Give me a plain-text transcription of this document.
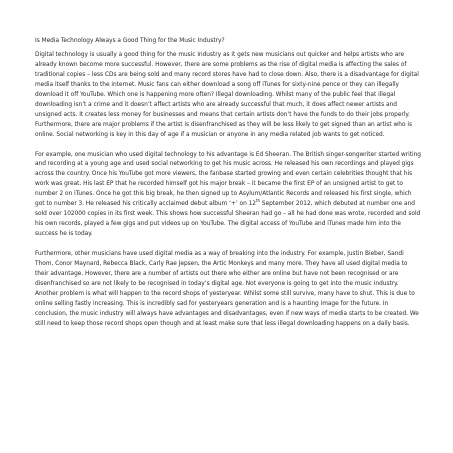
Is Media Technology Always a Good Thing for the Music Industry?

Digital technology is usually a good thing for the music industry as it gets new musicians out quicker and helps artists who are already known become more successful. However, there are some problems as the rise of digital media is affecting the sales of traditional copies – less CDs are being sold and many record stores have had to close down. Also, there is a disadvantage for digital media itself thanks to the internet. Music fans can either download a song off iTunes for sixty-nine pence or they can illegally download it off YouTube. Which one is happening more often? Illegal downloading. Whilst many of the public feel that illegal downloading isn’t a crime and it doesn’t affect artists who are already successful that much, it does affect newer artists and unsigned acts. It creates less money for businesses and means that certain artists don’t have the funds to do their jobs properly. Furthermore, there are major problems if the artist is disenfranchised as they will be less likely to get signed than an artist who is online. Social networking is key in this day of age if a musician or anyone in any media related job wants to get noticed.

For example, one musician who used digital technology to his advantage is Ed Sheeran. The British singer-songwriter started writing and recording at a young age and used social networking to get his music across. He released his own recordings and played gigs across the country. Once his YouTube got more viewers, the fanbase started growing and even certain celebrities thought that his work was great. His last EP that he recorded himself got his major break – it became the first EP of an unsigned artist to get to number 2 on iTunes. Once he got this big break, he then signed up to Asylum/Atlantic Records and released his first single, which got to number 3. He released his critically acclaimed debut album ‘+’ on 12th September 2012, which debuted at number one and sold over 102000 copies in its first week. This shows how successful Sheeran had go – all he had done was wrote, recorded and sold his own records, played a few gigs and put videos up on YouTube. The digital access of YouTube and iTunes made him into the success he is today.

Furthermore, other musicians have used digital media as a way of breaking into the industry. For example, Justin Bieber, Sandi Thom, Conor Maynard, Rebecca Black, Carly Rae Jepsen, the Artic Monkeys and many more. They have all used digital media to their advantage. However, there are a number of artists out there who either are online but have not been recognised or are disenfranchised so are not likely to be recognised in today’s digital age. Not everyone is going to get into the music industry. Another problem is what will happen to the record shops of yesteryear. Whilst some still survive, many have to shut. This is due to online selling fastly increasing. This is incredibly sad for yesteryears generation and is a haunting image for the future. In conclusion, the music industry will always have advantages and disadvantages, even if new ways of media starts to be created. We still need to keep those record shops open though and at least make sure that less illegal downloading happens on a daily basis.
